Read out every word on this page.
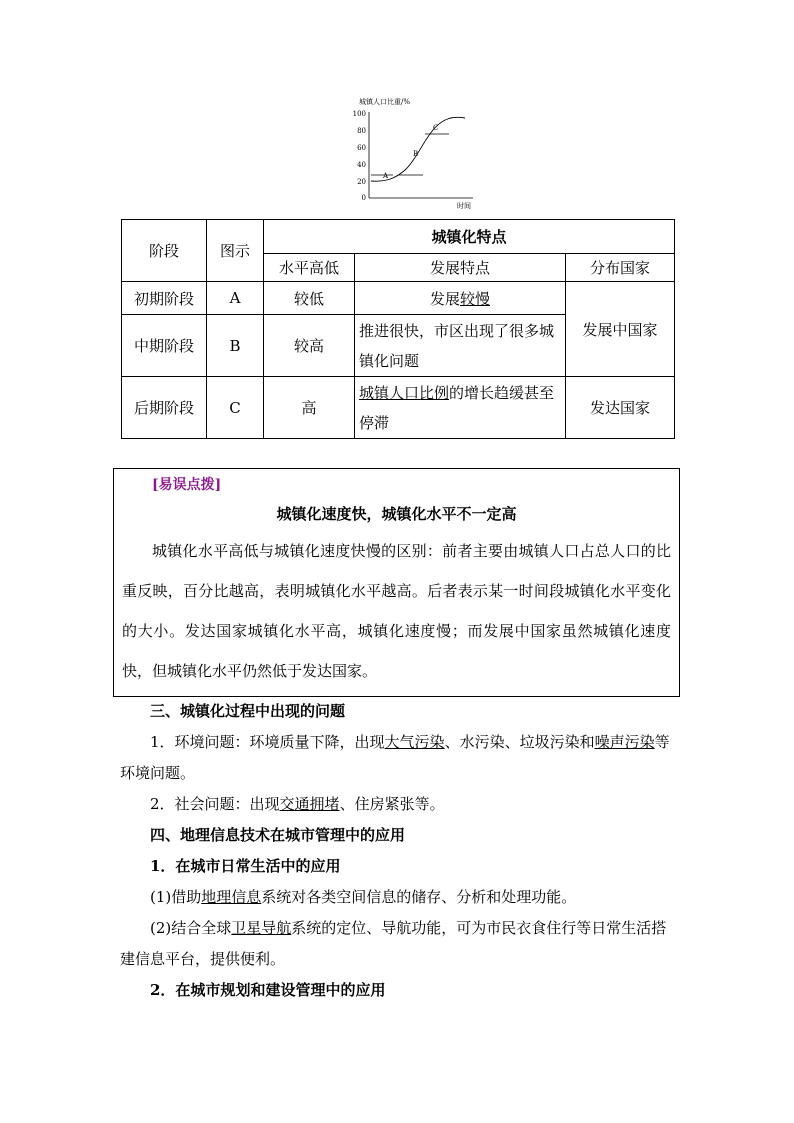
城镇人口比重/%
100
80
60
40
20
0
A
B
C
时间
阶段	图示	城镇化特点		
		水平高低	发展特点	分布国家
初期阶段	A	较低	发展较慢	发展中国家
中期阶段	B	较高	推进很快，市区出现了很多城镇化问题	
后期阶段	C	高	城镇人口比例的增长趋缓甚至停滞	发达国家
[易误点拨]
城镇化速度快，城镇化水平不一定高
城镇化水平高低与城镇化速度快慢的区别：前者主要由城镇人口占总人口的比重反映，百分比越高，表明城镇化水平越高。后者表示某一时间段城镇化水平变化的大小。发达国家城镇化水平高，城镇化速度慢；而发展中国家虽然城镇化速度快，但城镇化水平仍然低于发达国家。
三、城镇化过程中出现的问题
1．环境问题：环境质量下降，出现大气污染、水污染、垃圾污染和噪声污染等环境问题。
2．社会问题：出现交通拥堵、住房紧张等。
四、地理信息技术在城市管理中的应用
1．在城市日常生活中的应用
(1)借助地理信息系统对各类空间信息的储存、分析和处理功能。
(2)结合全球卫星导航系统的定位、导航功能，可为市民衣食住行等日常生活搭建信息平台，提供便利。
2．在城市规划和建设管理中的应用
